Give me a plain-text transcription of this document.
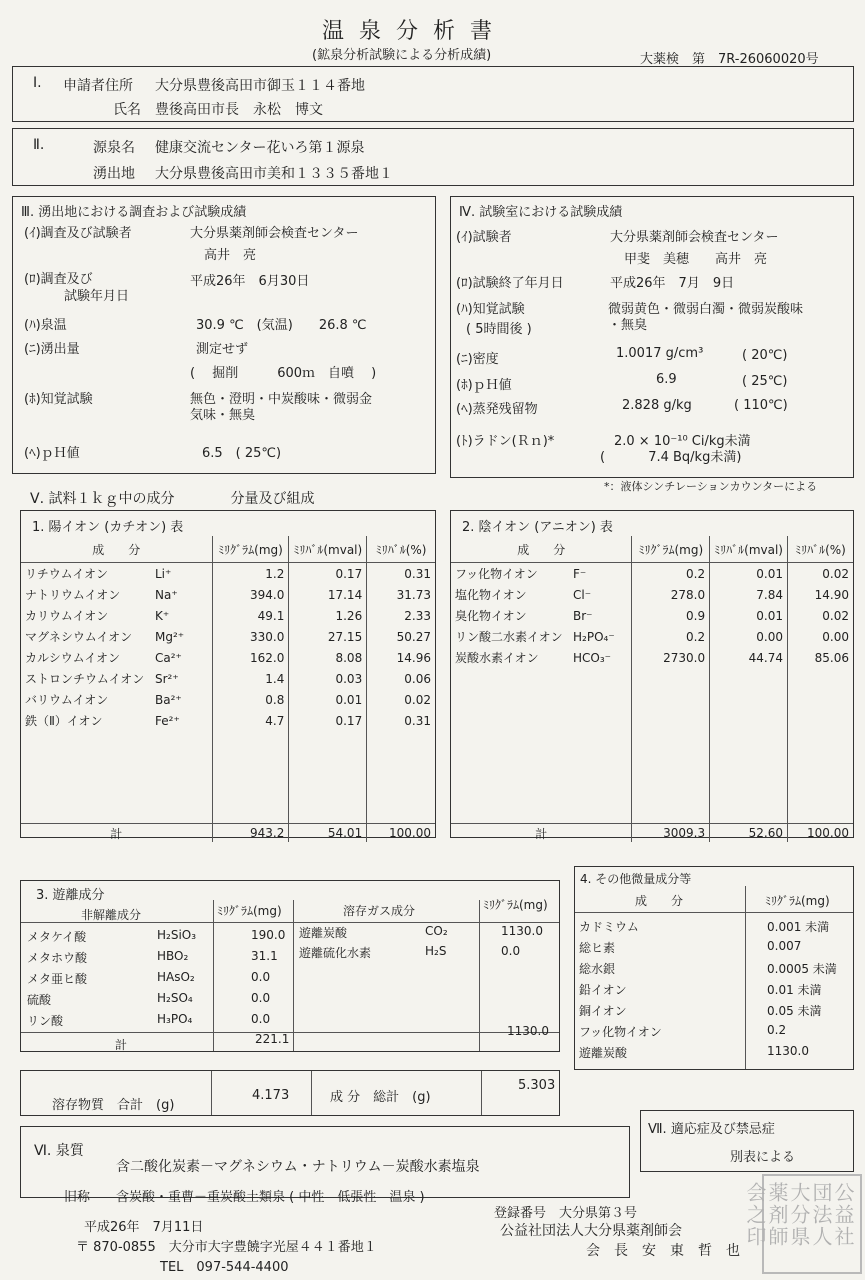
温 泉 分 析 書
(鉱泉分析試験による分析成績)	大薬検　第　7R-26060020号
Ⅰ. 申請者住所 大分県豊後高田市御玉１１４番地
氏名 豊後高田市長　永松　博文
Ⅱ.	源泉名 健康交流センター花いろ第１源泉
湧出地 大分県豊後高田市美和１３３５番地１
Ⅲ. 湧出地における調査および試験成績
(ｲ)調査及び試験者	大分県薬剤師会検査センター
高井　亮
(ﾛ)調査及び
試験年月日
平成26年　6月30日
(ﾊ)泉温	30.9 ℃　(気温)　　26.8 ℃
(ﾆ)湧出量	測定せず
(　 掘削　　　600ｍ　自噴　 )
(ﾎ)知覚試験	無色・澄明・中炭酸味・微弱金
気味・無臭
(ﾍ)ｐＨ値	6.5　( 25℃)
Ⅳ. 試験室における試験成績
(ｲ)試験者	大分県薬剤師会検査センター
甲斐　美穂　　高井　亮
(ﾛ)試験終了年月日	平成26年　7月　9日
(ﾊ)知覚試験
( 5時間後 )
微弱黄色・微弱白濁・微弱炭酸味
・無臭
(ﾆ)密度	1.0017 g/cm³	( 20℃)
(ﾎ)ｐＨ値	6.9	( 25℃)
(ﾍ)蒸発残留物	2.828 g/kg	( 110℃)
(ﾄ)ラドン(Ｒｎ)*	2.0 × 10⁻¹⁰ Ci/kg未満
(　　　 7.4 Bq/kg未満)
*：液体シンチレーションカウンターによる
Ⅴ. 試料１ｋｇ中の成分　　　　分量及び組成
1. 陽イオン (カチオン) 表
成　　分	ﾐﾘｸﾞﾗﾑ(mg)	ﾐﾘﾊﾞﾙ(mval)	ﾐﾘﾊﾞﾙ(%)
リチウムイオン Li⁺	1.2	0.17	0.31
ナトリウムイオン Na⁺	394.0	17.14	31.73
カリウムイオン K⁺	49.1	1.26	2.33
マグネシウムイオン Mg²⁺	330.0	27.15	50.27
カルシウムイオン Ca²⁺	162.0	8.08	14.96
ストロンチウムイオン Sr²⁺	1.4	0.03	0.06
バリウムイオン Ba²⁺	0.8	0.01	0.02
鉄（Ⅱ）イオン Fe²⁺	4.7	0.17	0.31

計	943.2	54.01	100.00
2. 陰イオン (アニオン) 表
成　　分	ﾐﾘｸﾞﾗﾑ(mg)	ﾐﾘﾊﾞﾙ(mval)	ﾐﾘﾊﾞﾙ(%)
フッ化物イオン F⁻	0.2	0.01	0.02
塩化物イオン Cl⁻	278.0	7.84	14.90
臭化物イオン Br⁻	0.9	0.01	0.02
リン酸二水素イオン H₂PO₄⁻	0.2	0.00	0.00
炭酸水素イオン HCO₃⁻	2730.0	44.74	85.06

計	3009.3	52.60	100.00
3. 遊離成分
非解離成分	ﾐﾘｸﾞﾗﾑ(mg)	溶存ガス成分	ﾐﾘｸﾞﾗﾑ(mg)
メタケイ酸	H₂SiO₃	190.0
メタホウ酸	HBO₂	31.1
メタ亜ヒ酸	HAsO₂	0.0
硫酸	H₂SO₄	0.0
リン酸	H₃PO₄	0.0
遊離炭酸	CO₂	1130.0
遊離硫化水素	H₂S	0.0
計	221.1
1130.0
4. その他微量成分等
成　　分	ﾐﾘｸﾞﾗﾑ(mg)
カドミウム	0.001 未満
総ヒ素	0.007
総水銀	0.0005 未満
鉛イオン	0.01 未満
銅イオン	0.05 未満
フッ化物イオン	0.2
遊離炭酸	1130.0
溶存物質　合計　(g)
4.173	成 分　総計　(g)
5.303
Ⅵ. 泉質
含二酸化炭素－マグネシウム・ナトリウム－炭酸水素塩泉
旧称 含炭酸・重曹－重炭酸土類泉 ( 中性　低張性　温泉 )
Ⅶ. 適応症及び禁忌症
別表による
平成26年　7月11日
〒 870-0855　大分市大字豊饒字光屋４４１番地１
TEL　097-544-4400
登録番号　大分県第３号
公益社団法人大分県薬剤師会
会　長　安　東　哲　也
公益社団法人大分県薬剤師会之印
